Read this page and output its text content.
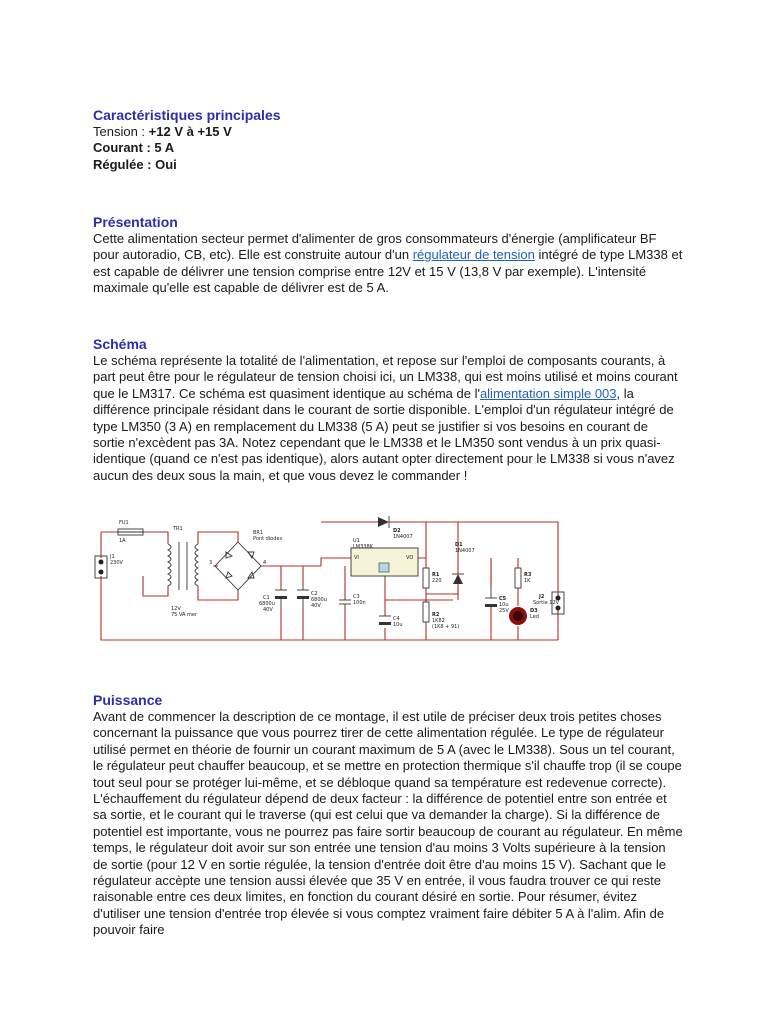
Caractéristiques principales

Tension : +12 V à +15 V

Courant : 5 A

Régulée : Oui

Présentation

Cette alimentation secteur permet d'alimenter de gros consommateurs d'énergie (amplificateur BF pour autoradio, CB, etc). Elle est construite autour d'un régulateur de tension intégré de type LM338 et est capable de délivrer une tension comprise entre 12V et 15 V (13,8 V par exemple). L'intensité maximale qu'elle est capable de délivrer est de 5 A.

Schéma

Le schéma représente la totalité de l'alimentation, et repose sur l'emploi de composants courants, à part peut être pour le régulateur de tension choisi ici, un LM338, qui est moins utilisé et moins courant que le LM317. Ce schéma est quasiment identique au schéma de l'alimentation simple 003, la différence principale résidant dans le courant de sortie disponible. L'emploi d'un régulateur intégré de type LM350 (3 A) en remplacement du LM338 (5 A) peut se justifier si vos besoins en courant de sortie n'excèdent pas 3A. Notez cependant que le LM338 et le LM350 sont vendus à un prix quasi-identique (quand ce n'est pas identique), alors autant opter directement pour le LM338 si vous n'avez aucun des deux sous la main, et que vous devez le commander !

J1
230V
FU1
1A
TR1
12V
75 VA mer
BR1
Pont diodes
3	4
C1
6800u
40V
C2
6800u
40V
C3
100n
U1
LM338K
VI	VO
D2
1N4007
D1
1N4007
R1
220
R2
1K82
(1K8 + 91)
C4
10u
C5
10u
25V
R3
1K
D3
Led
J2
Sortie 12V

Puissance

Avant de commencer la description de ce montage, il est utile de préciser deux trois petites choses concernant la puissance que vous pourrez tirer de cette alimentation régulée. Le type de régulateur utilisé permet en théorie de fournir un courant maximum de 5 A (avec le LM338). Sous un tel courant, le régulateur peut chauffer beaucoup, et se mettre en protection thermique s'il chauffe trop (il se coupe tout seul pour se protéger lui-même, et se débloque quand sa température est redevenue correcte). L'échauffement du régulateur dépend de deux facteur : la différence de potentiel entre son entrée et sa sortie, et le courant qui le traverse (qui est celui que va demander la charge). Si la différence de potentiel est importante, vous ne pourrez pas faire sortir beaucoup de courant au régulateur. En même temps, le régulateur doit avoir sur son entrée une tension d'au moins 3 Volts supérieure à la tension de sortie (pour 12 V en sortie régulée, la tension d'entrée doit être d'au moins 15 V). Sachant que le régulateur accèpte une tension aussi élevée que 35 V en entrée, il vous faudra trouver ce qui reste raisonable entre ces deux limites, en fonction du courant désiré en sortie. Pour résumer, évitez d'utiliser une tension d'entrée trop élevée si vous comptez vraiment faire débiter 5 A à l'alim. Afin de pouvoir faire
